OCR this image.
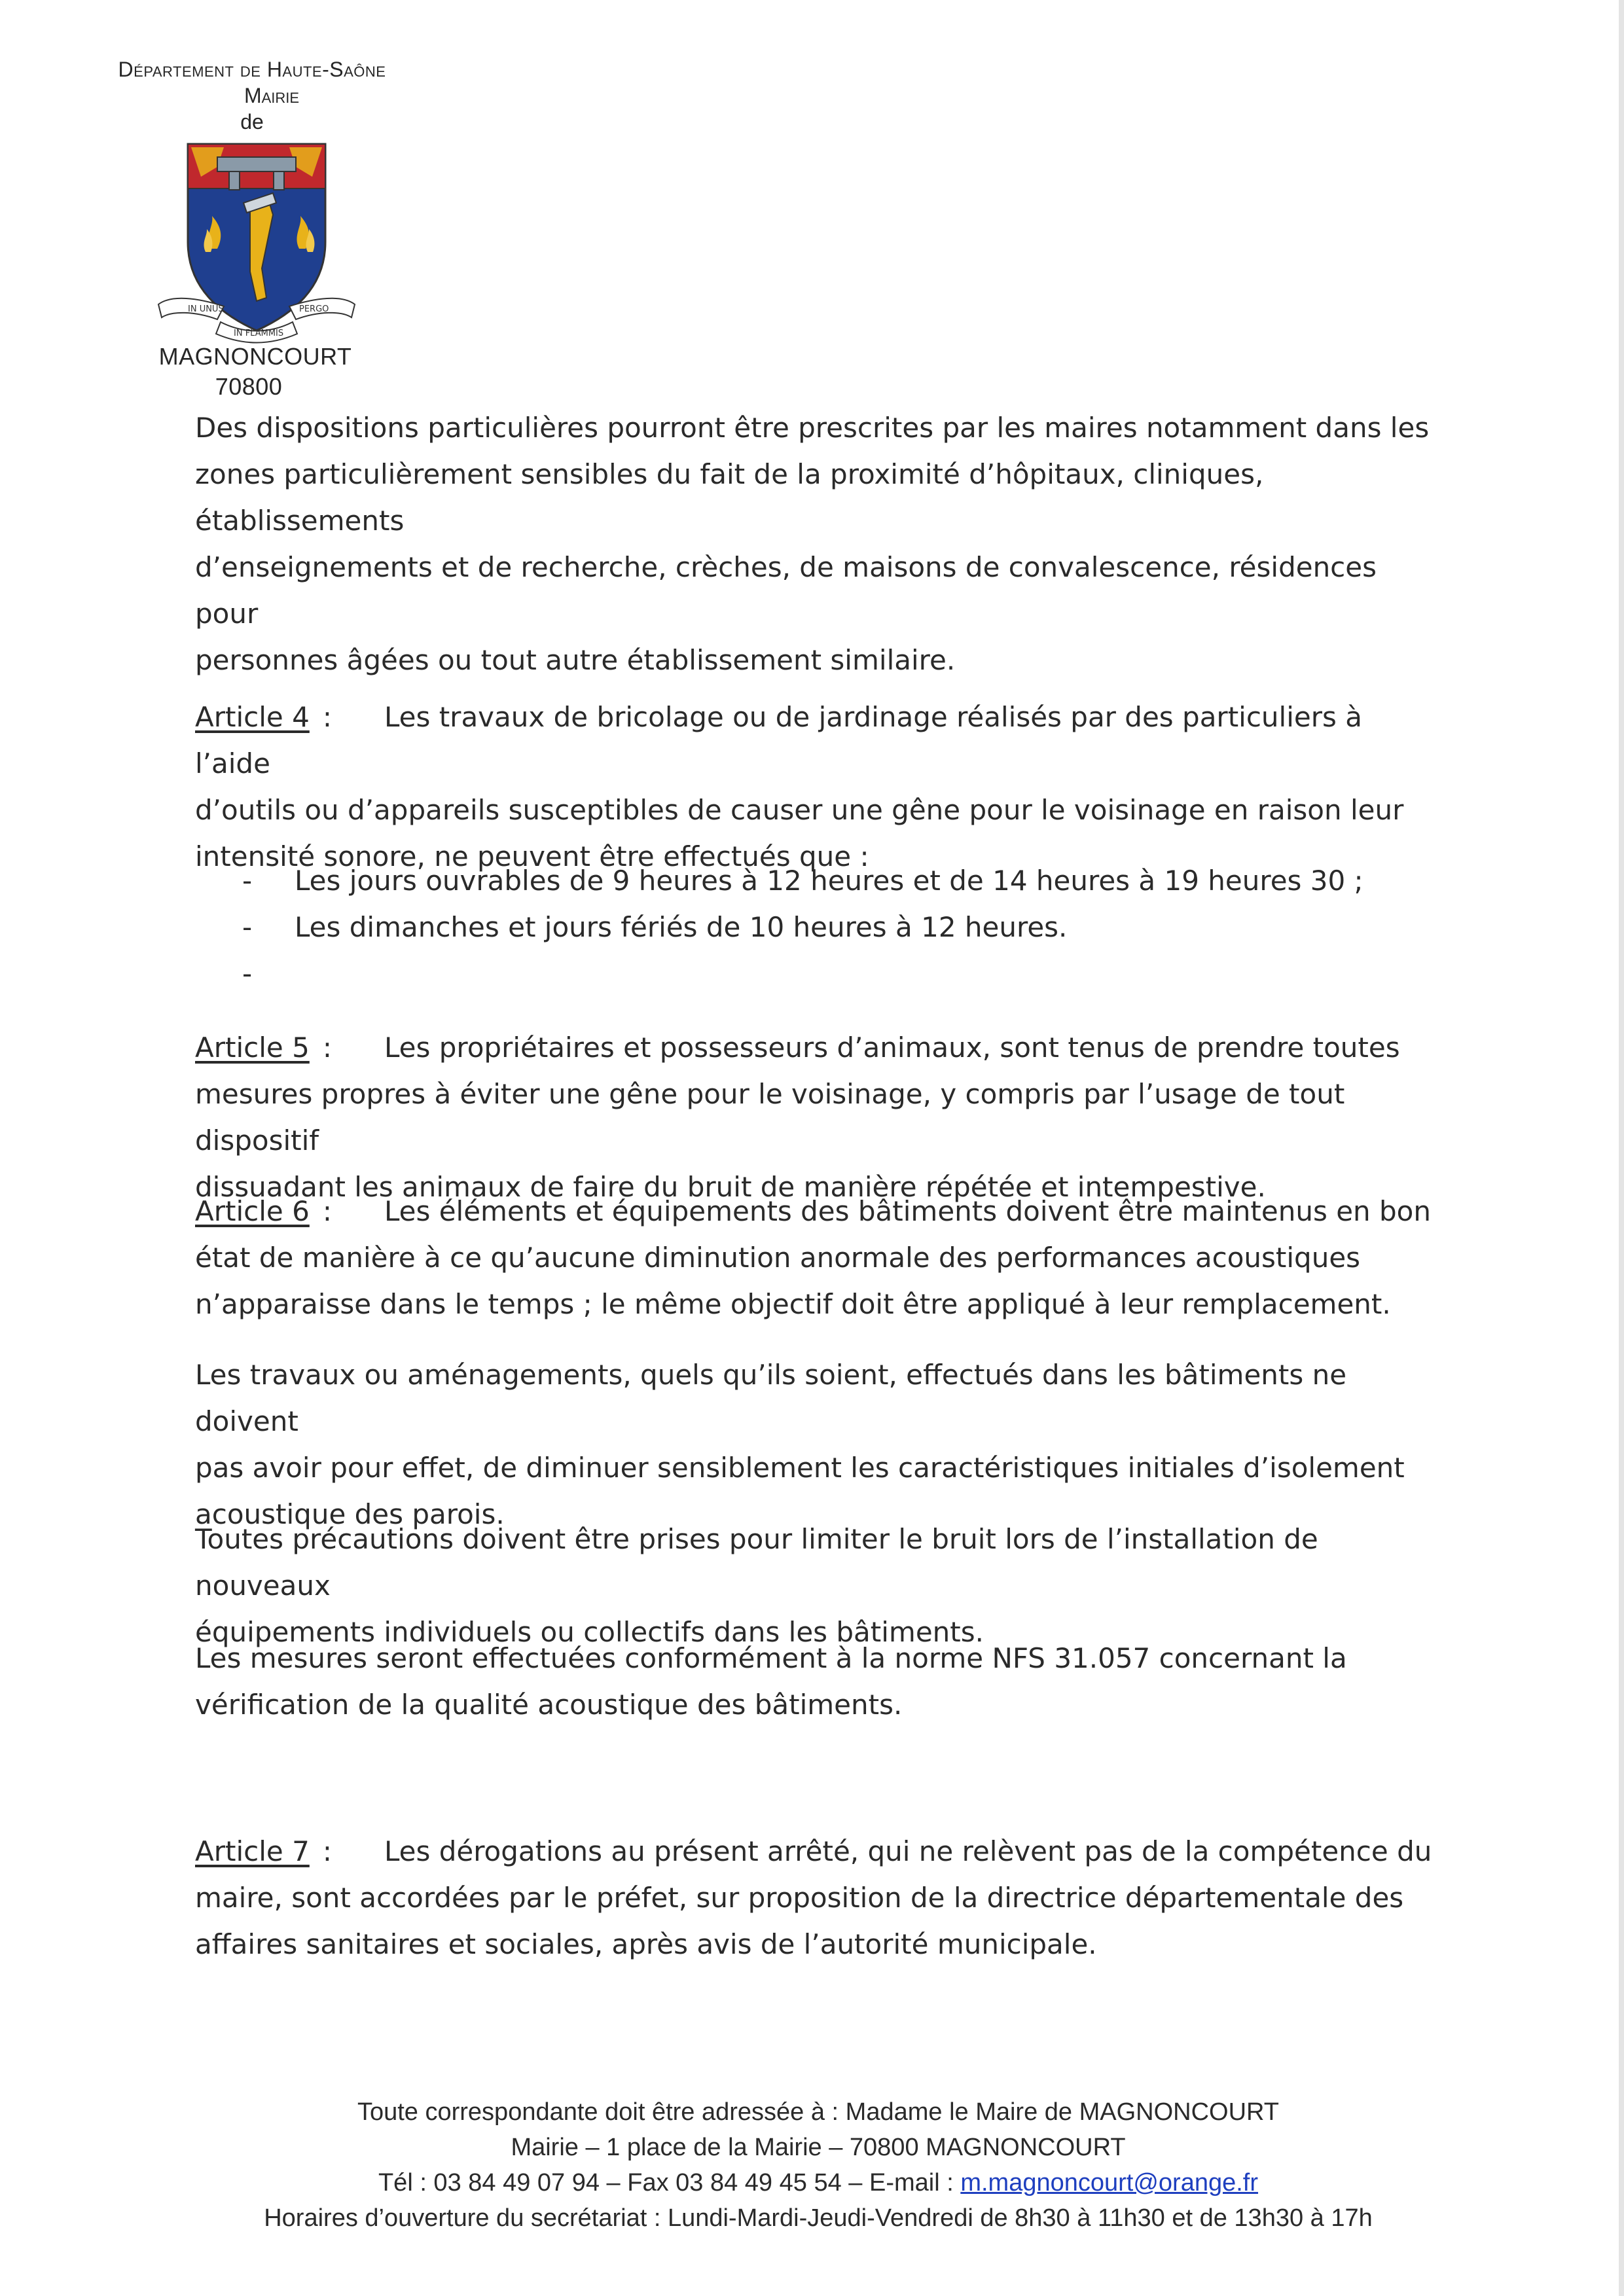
Département de Haute-Saône
Mairie
de
IN UNUS	PERGO
IN FLAMMIS
MAGNONCOURT
70800
Des dispositions particulières pourront être prescrites par les maires notamment dans les
zones particulièrement sensibles du fait de la proximité d’hôpitaux, cliniques, établissements
d’enseignements et de recherche, crèches, de maisons de convalescence, résidences pour
personnes âgées ou tout autre établissement similaire.
Article 4 : Les travaux de bricolage ou de jardinage réalisés par des particuliers à l’aide
d’outils ou d’appareils susceptibles de causer une gêne pour le voisinage en raison leur
intensité sonore, ne peuvent être effectués que :
- Les jours ouvrables de 9 heures à 12 heures et de 14 heures à 19 heures 30 ;
- Les dimanches et jours fériés de 10 heures à 12 heures.
-
Article 5 : Les propriétaires et possesseurs d’animaux, sont tenus de prendre toutes
mesures propres à éviter une gêne pour le voisinage, y compris par l’usage de tout dispositif
dissuadant les animaux de faire du bruit de manière répétée et intempestive.
Article 6 : Les éléments et équipements des bâtiments doivent être maintenus en bon
état de manière à ce qu’aucune diminution anormale des performances acoustiques
n’apparaisse dans le temps ; le même objectif doit être appliqué à leur remplacement.
Les travaux ou aménagements, quels qu’ils soient, effectués dans les bâtiments ne doivent
pas avoir pour effet, de diminuer sensiblement les caractéristiques initiales d’isolement
acoustique des parois.
Toutes précautions doivent être prises pour limiter le bruit lors de l’installation de nouveaux
équipements individuels ou collectifs dans les bâtiments.
Les mesures seront effectuées conformément à la norme NFS 31.057 concernant la
vérification de la qualité acoustique des bâtiments.
Article 7 : Les dérogations au présent arrêté, qui ne relèvent pas de la compétence du
maire, sont accordées par le préfet, sur proposition de la directrice départementale des
affaires sanitaires et sociales, après avis de l’autorité municipale.
Toute correspondante doit être adressée à : Madame le Maire de MAGNONCOURT
Mairie – 1 place de la Mairie – 70800 MAGNONCOURT
Tél : 03 84 49 07 94 – Fax 03 84 49 45 54 – E-mail : m.magnoncourt@orange.fr
Horaires d’ouverture du secrétariat : Lundi-Mardi-Jeudi-Vendredi de 8h30 à 11h30 et de 13h30 à 17h
